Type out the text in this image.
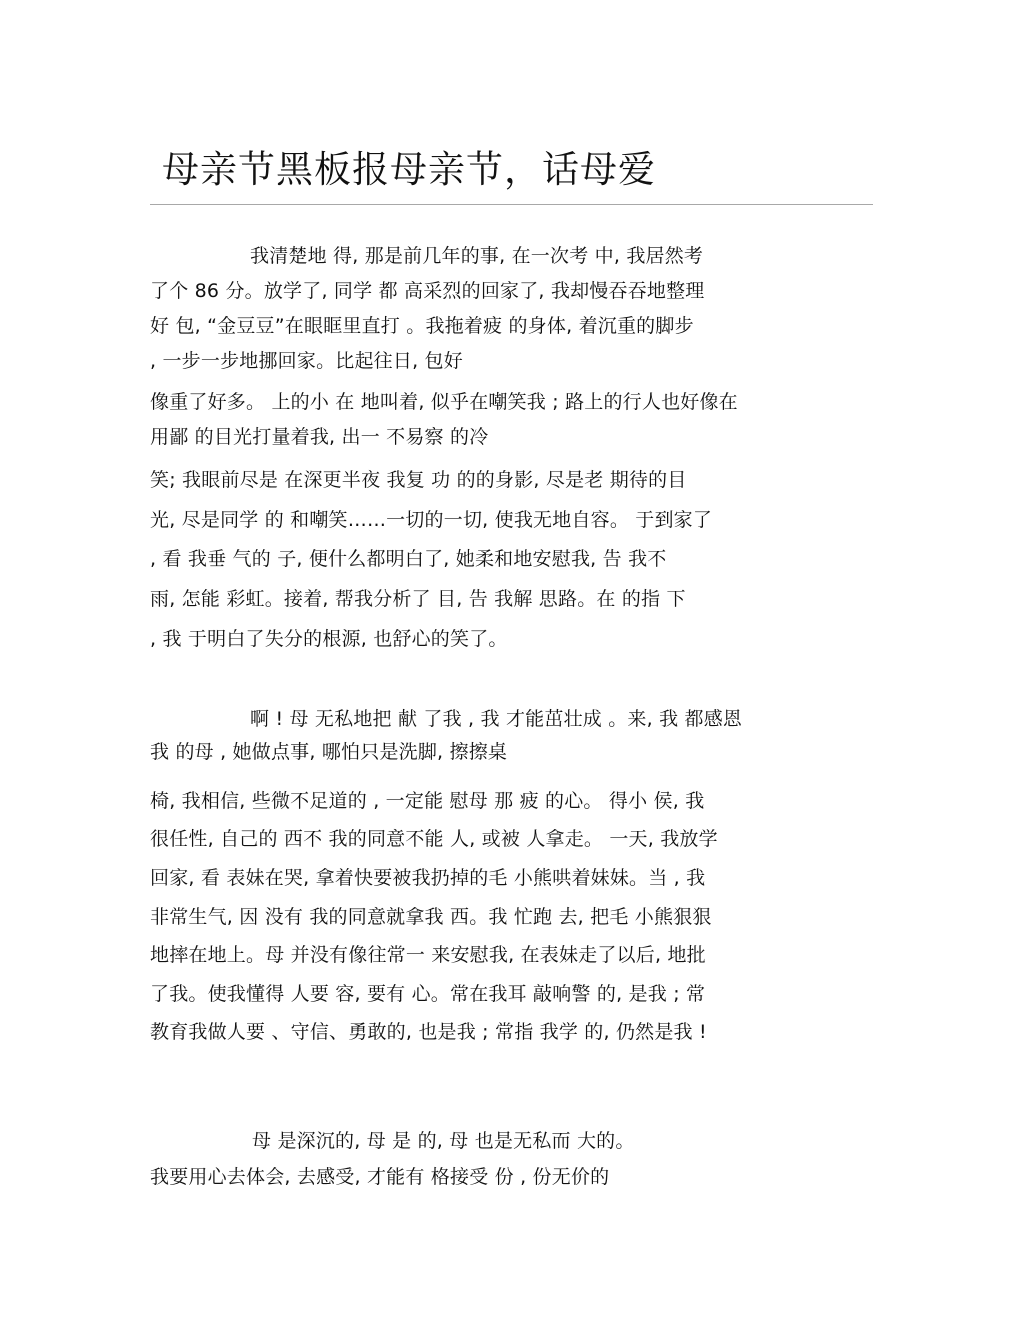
母亲节黑板报母亲节，话母爱
我清楚地 得, 那是前几年的事, 在一次考 中, 我居然考
了个 86 分。放学了, 同学 都 高采烈的回家了, 我却慢吞吞地整理
好 包, “金豆豆”在眼眶里直打 。我拖着疲 的身体, 着沉重的脚步
, 一步一步地挪回家。比起往日, 包好
像重了好多。 上的小 在 地叫着, 似乎在嘲笑我 ; 路上的行人也好像在
用鄙 的目光打量着我, 出一 不易察 的冷
笑; 我眼前尽是 在深更半夜 我复 功 的的身影, 尽是老 期待的目
光, 尽是同学 的 和嘲笑……一切的一切, 使我无地自容。 于到家了
, 看 我垂 气的 子, 便什么都明白了, 她柔和地安慰我, 告 我不
雨, 怎能 彩虹。接着, 帮我分析了 目, 告 我解 思路。在 的指 下
, 我 于明白了失分的根源, 也舒心的笑了。
啊 ! 母 无私地把 献 了我 , 我 才能茁壮成 。来, 我 都感恩
我 的母 , 她做点事, 哪怕只是洗脚, 擦擦桌
椅, 我相信, 些微不足道的 , 一定能 慰母 那 疲 的心。 得小 侯, 我
很任性, 自己的 西不 我的同意不能 人, 或被 人拿走。 一天, 我放学
回家, 看 表妹在哭, 拿着快要被我扔掉的毛 小熊哄着妹妹。当 , 我
非常生气, 因 没有 我的同意就拿我 西。我 忙跑 去, 把毛 小熊狠狠
地摔在地上。母 并没有像往常一 来安慰我, 在表妹走了以后, 地批
了我。使我懂得 人要 容, 要有 心。常在我耳 敲响警 的, 是我 ; 常
教育我做人要 、守信、勇敢的, 也是我 ; 常指 我学 的, 仍然是我 !
母 是深沉的, 母 是 的, 母 也是无私而 大的。
我要用心去体会, 去感受, 才能有 格接受 份 , 份无价的
